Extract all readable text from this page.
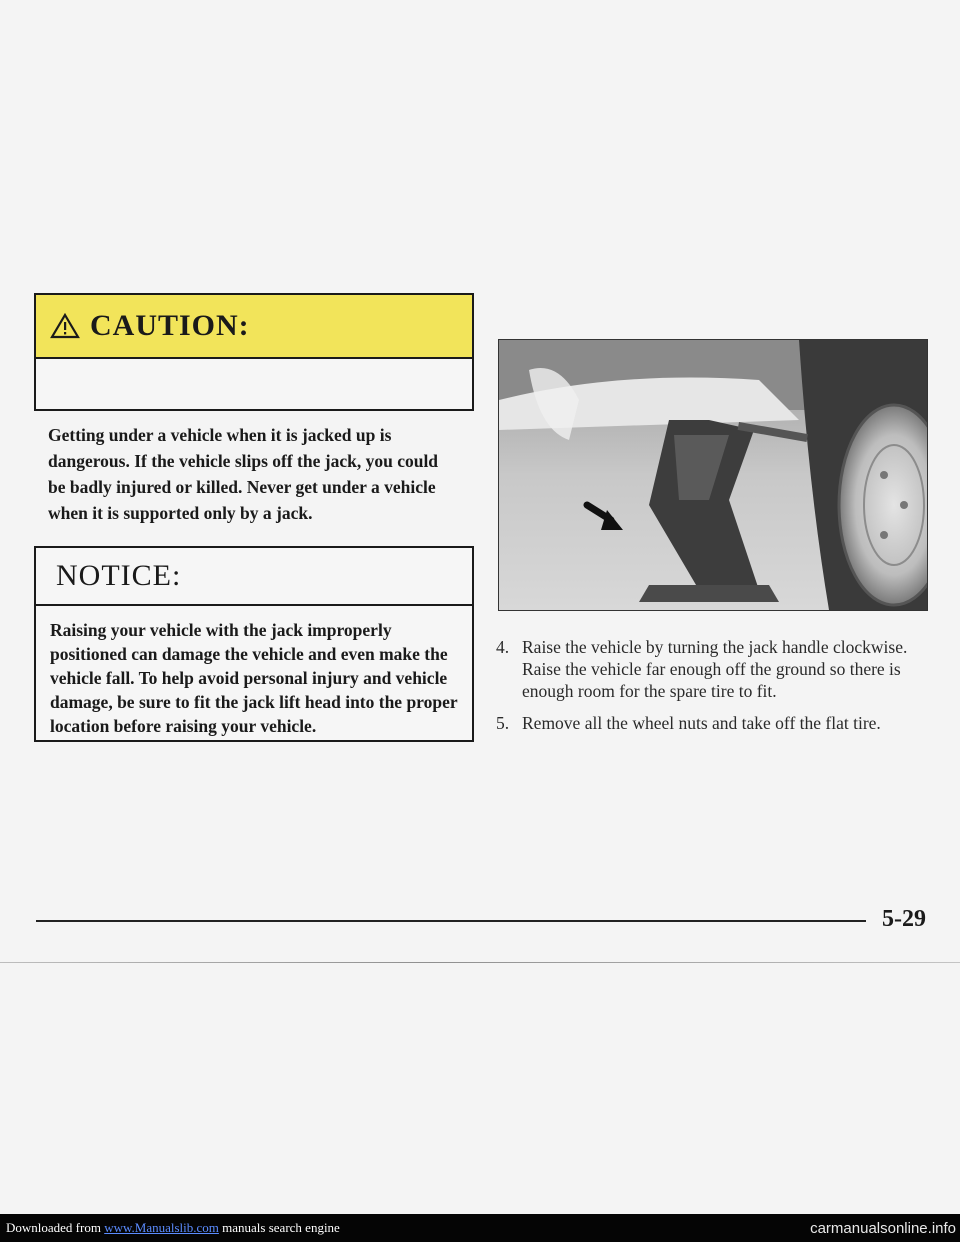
CAUTION:
Getting under a vehicle when it is jacked up is dangerous. If the vehicle slips off the jack, you could be badly injured or killed. Never get under a vehicle when it is supported only by a jack.
NOTICE:
Raising your vehicle with the jack improperly positioned can damage the vehicle and even make the vehicle fall. To help avoid personal injury and vehicle damage, be sure to fit the jack lift head into the proper location before raising your vehicle.
4. Raise the vehicle by turning the jack handle clockwise. Raise the vehicle far enough off the ground so there is enough room for the spare tire to fit.
5. Remove all the wheel nuts and take off the flat tire.
5-29
Downloaded from www.Manualslib.com manuals search engine	carmanualsonline.info
